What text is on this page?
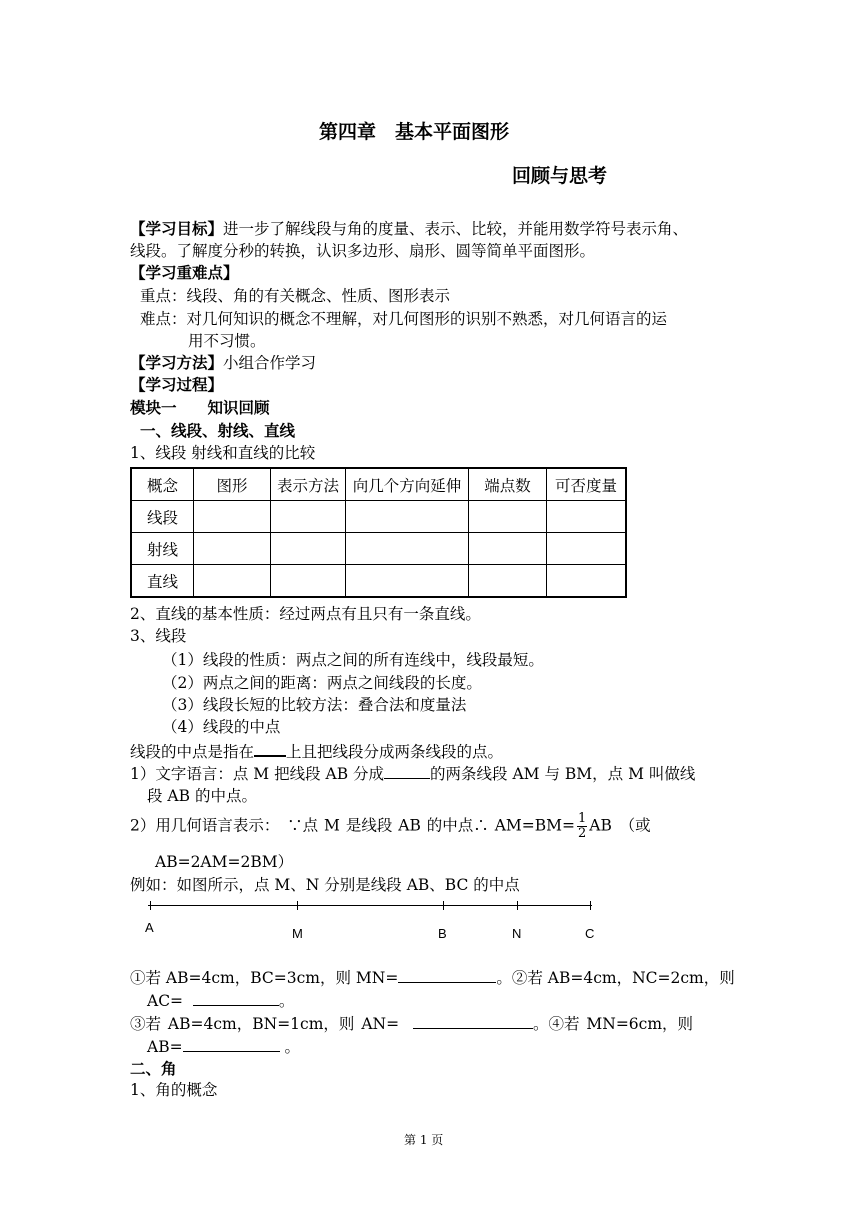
第四章　基本平面图形
回顾与思考
【学习目标】进一步了解线段与角的度量、表示、比较，并能用数学符号表示角、
线段。了解度分秒的转换，认识多边形、扇形、圆等简单平面图形。
【学习重难点】
重点：线段、角的有关概念、性质、图形表示
难点：对几何知识的概念不理解，对几何图形的识别不熟悉，对几何语言的运
用不习惯。
【学习方法】小组合作学习
【学习过程】
模块一　　知识回顾
一、线段、射线、直线
1、线段 射线和直线的比较
概念	图形	表示方法	向几个方向延伸	端点数	可否度量
线段					
射线					
直线					
2、直线的基本性质：经过两点有且只有一条直线。
3、线段
（1）线段的性质：两点之间的所有连线中，线段最短。
（2）两点之间的距离：两点之间线段的长度。
（3）线段长短的比较方法：叠合法和度量法
（4）线段的中点
线段的中点是指在 上且把线段分成两条线段的点。
1）文字语言：点 M 把线段 AB 分成	的两条线段 AM 与 BM，点 M 叫做线
段 AB 的中点。
2）用几何语言表示：　∵点 M 是线段 AB 的中点∴ $AM=BM= \frac{1}{2}$ AB　（或
AB=2AM=2BM）
例如：如图所示，点 M、N 分别是线段 AB、BC 的中点
A	M	B	N	C
①若 AB=4cm，BC=3cm，则 MN=	。②若 AB=4cm，NC=2cm，则
AC=	。
③若 AB=4cm，BN=1cm，则 AN=	。④若 MN=6cm，则
AB=	。
二、角
1、角的概念
第 1 页
